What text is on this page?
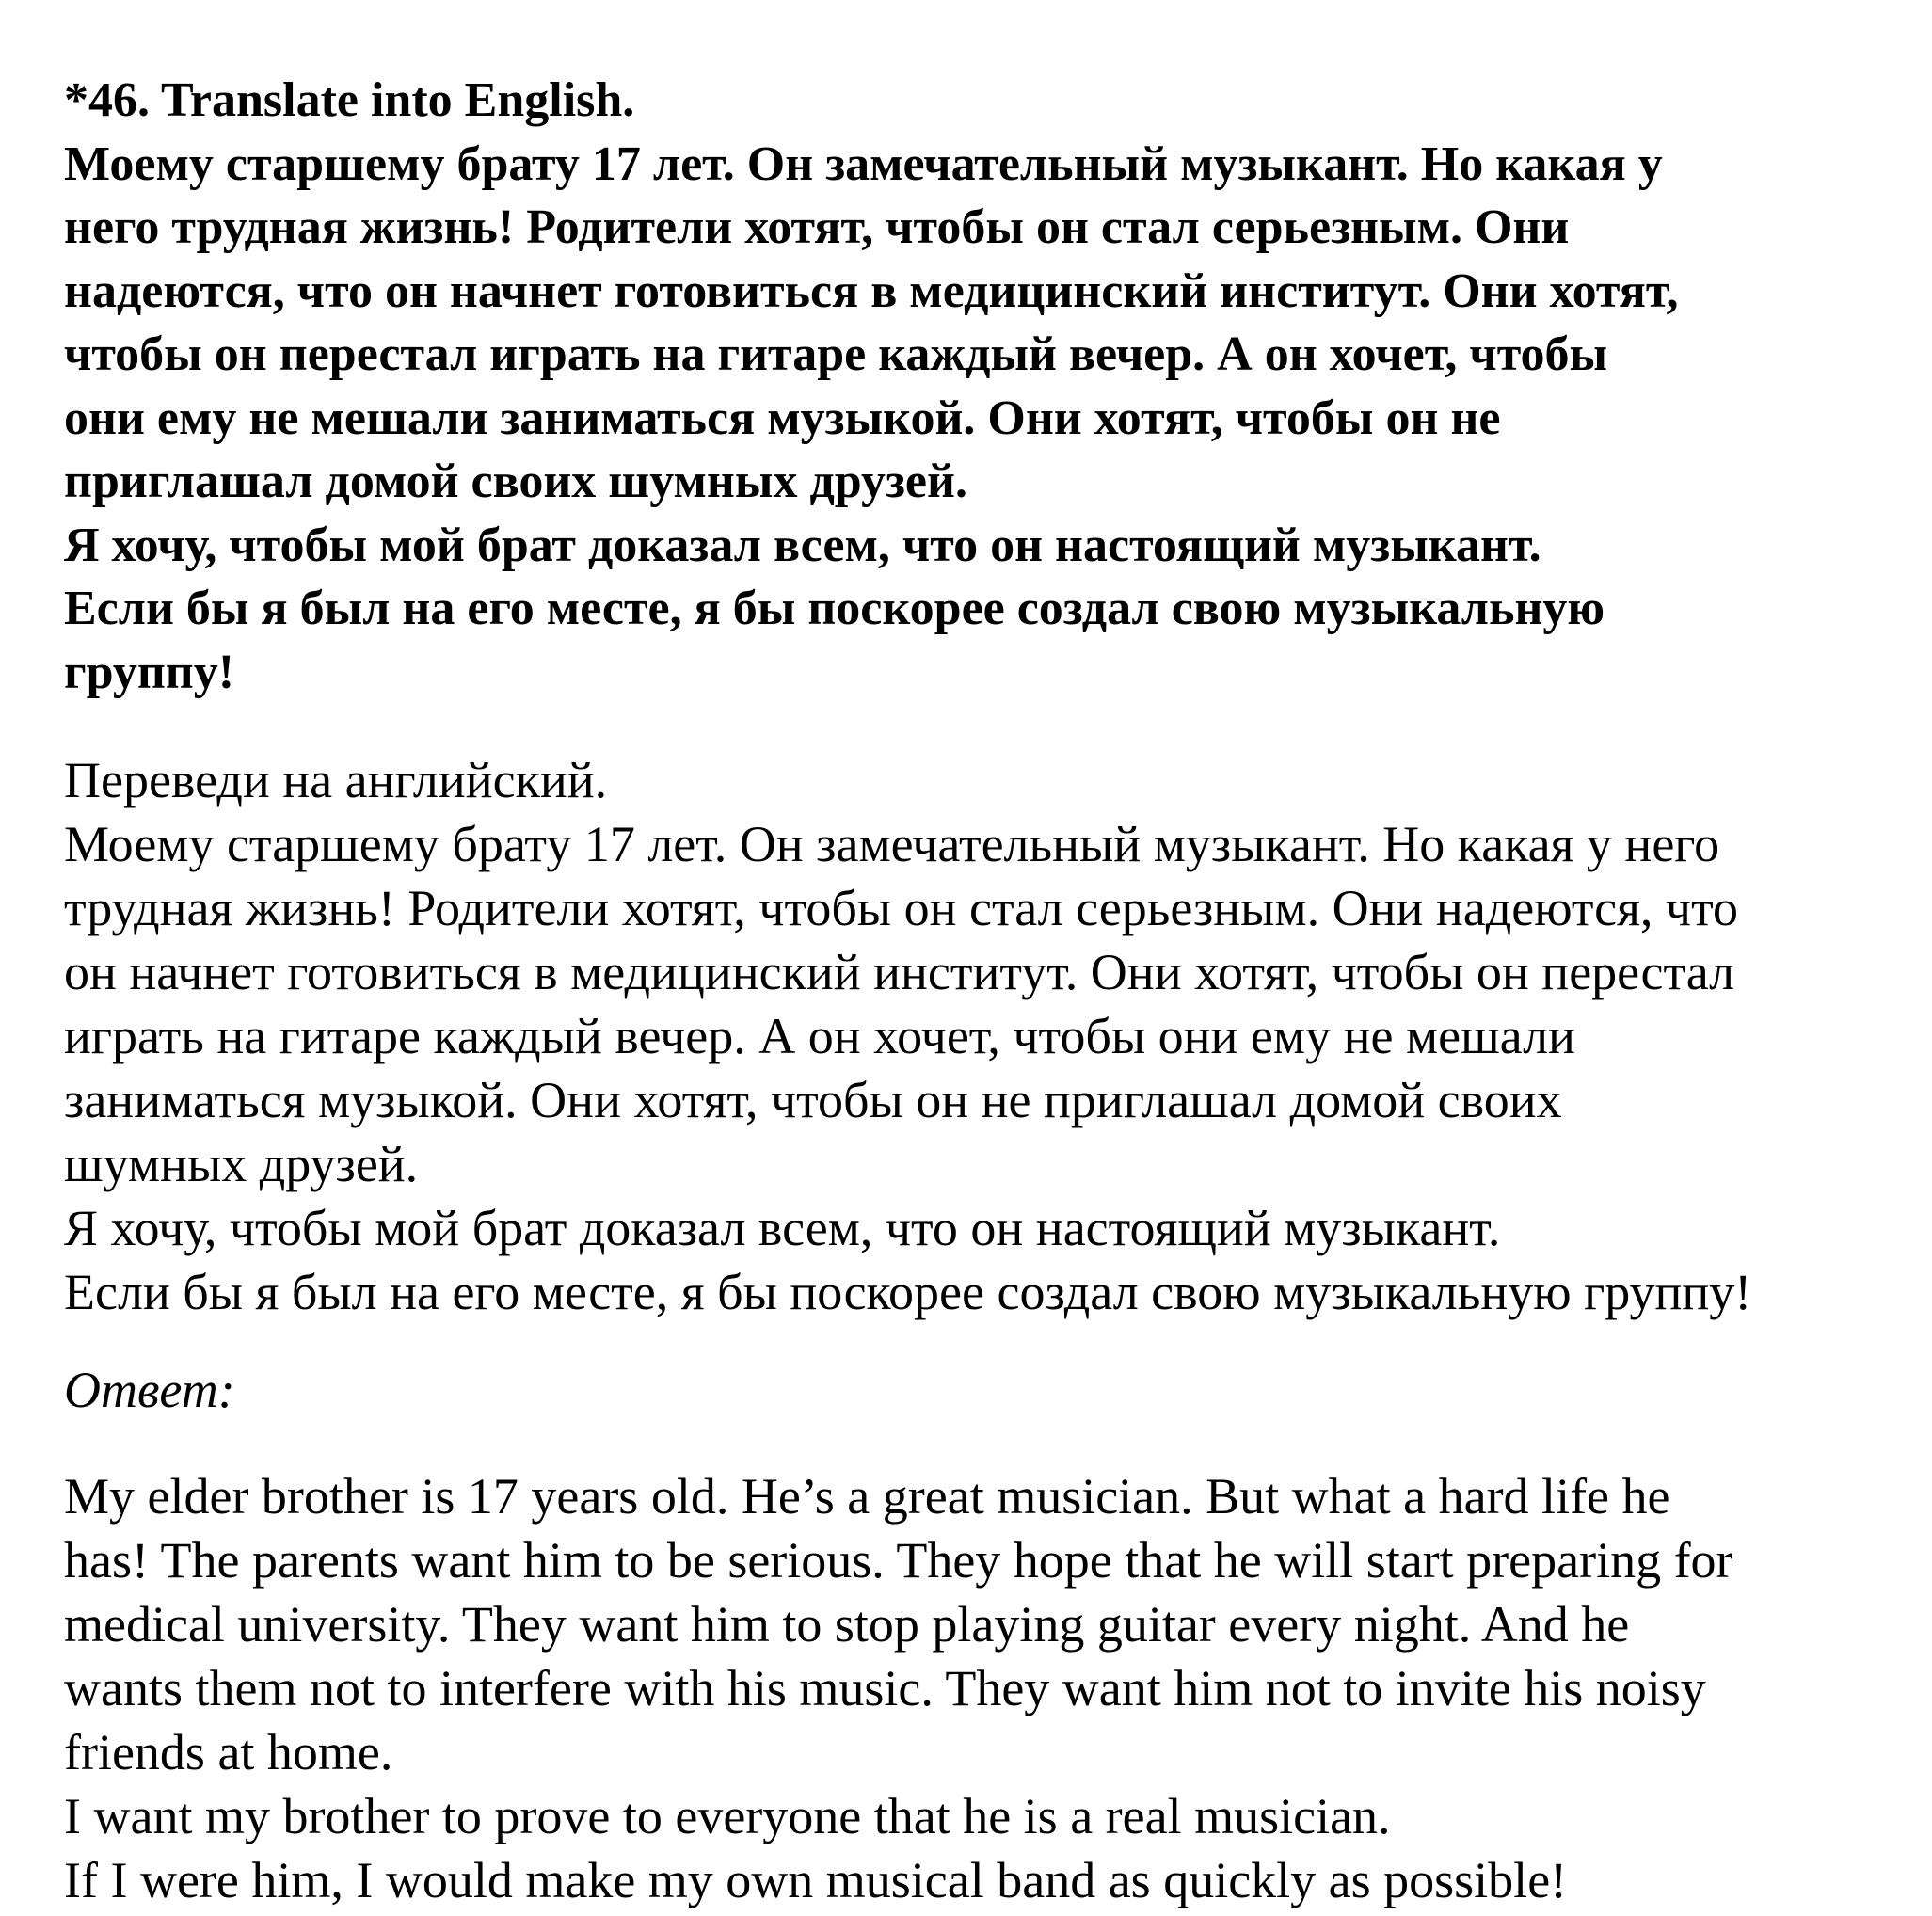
*46. Translate into English.
Моему старшему брату 17 лет. Он замечательный музыкант. Но какая у
него трудная жизнь! Родители хотят, чтобы он стал серьезным. Они
надеются, что он начнет готовиться в медицинский институт. Они хотят,
чтобы он перестал играть на гитаре каждый вечер. А он хочет, чтобы
они ему не мешали заниматься музыкой. Они хотят, чтобы он не
приглашал домой своих шумных друзей.
Я хочу, чтобы мой брат доказал всем, что он настоящий музыкант.
Если бы я был на его месте, я бы поскорее создал свою музыкальную
группу!
Переведи на английский.
Моему старшему брату 17 лет. Он замечательный музыкант. Но какая у него
трудная жизнь! Родители хотят, чтобы он стал серьезным. Они надеются, что
он начнет готовиться в медицинский институт. Они хотят, чтобы он перестал
играть на гитаре каждый вечер. А он хочет, чтобы они ему не мешали
заниматься музыкой. Они хотят, чтобы он не приглашал домой своих
шумных друзей.
Я хочу, чтобы мой брат доказал всем, что он настоящий музыкант.
Если бы я был на его месте, я бы поскорее создал свою музыкальную группу!
Ответ:
My elder brother is 17 years old. He’s a great musician. But what a hard life he
has! The parents want him to be serious. They hope that he will start preparing for
medical university. They want him to stop playing guitar every night. And he
wants them not to interfere with his music. They want him not to invite his noisy
friends at home.
I want my brother to prove to everyone that he is a real musician.
If I were him, I would make my own musical band as quickly as possible!
